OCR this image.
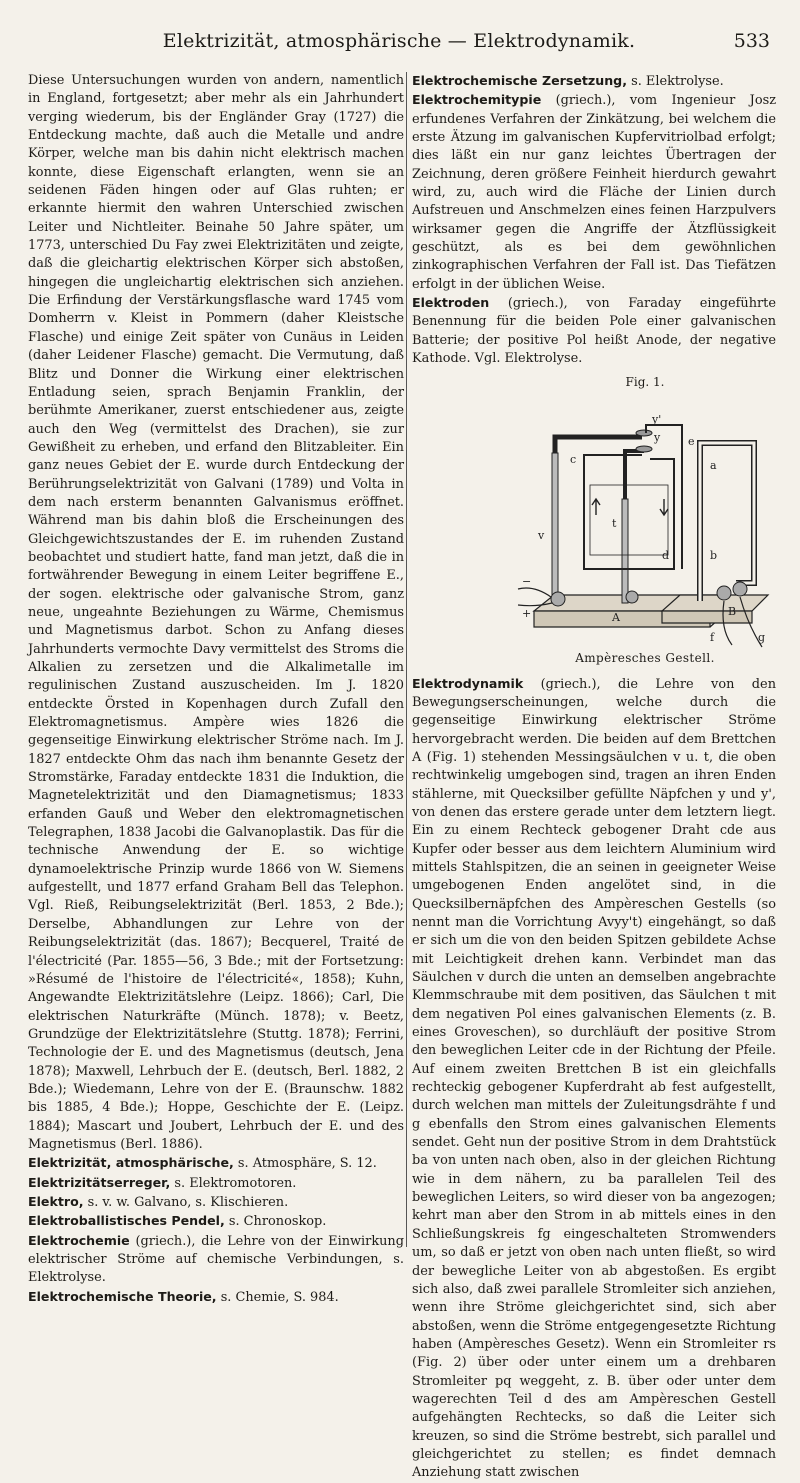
Elektrizität, atmosphärische — Elektrodynamik.	533

Diese Untersuchungen wurden von andern, namentlich in England, fortgesetzt; aber mehr als ein Jahrhundert verging wiederum, bis der Engländer Gray (1727) die Entdeckung machte, daß auch die Metalle und andre Körper, welche man bis dahin nicht elektrisch machen konnte, diese Eigenschaft erlangten, wenn sie an seidenen Fäden hingen oder auf Glas ruhten; er erkannte hiermit den wahren Unterschied zwischen Leiter und Nichtleiter. Beinahe 50 Jahre später, um 1773, unterschied Du Fay zwei Elektrizitäten und zeigte, daß die gleichartig elektrischen Körper sich abstoßen, hingegen die ungleichartig elektrischen sich anziehen. Die Erfindung der Verstärkungsflasche ward 1745 vom Domherrn v. Kleist in Pommern (daher Kleistsche Flasche) und einige Zeit später von Cunäus in Leiden (daher Leidener Flasche) gemacht. Die Vermutung, daß Blitz und Donner die Wirkung einer elektrischen Entladung seien, sprach Benjamin Franklin, der berühmte Amerikaner, zuerst entschiedener aus, zeigte auch den Weg (vermittelst des Drachen), sie zur Gewißheit zu erheben, und erfand den Blitzableiter. Ein ganz neues Gebiet der E. wurde durch Entdeckung der Berührungselektrizität von Galvani (1789) und Volta in dem nach ersterm benannten Galvanismus eröffnet. Während man bis dahin bloß die Erscheinungen des Gleichgewichtszustandes der E. im ruhenden Zustand beobachtet und studiert hatte, fand man jetzt, daß die in fortwährender Bewegung in einem Leiter begriffene E., der sogen. elektrische oder galvanische Strom, ganz neue, ungeahnte Beziehungen zu Wärme, Chemismus und Magnetismus darbot. Schon zu Anfang dieses Jahrhunderts vermochte Davy vermittelst des Stroms die Alkalien zu zersetzen und die Alkalimetalle im regulinischen Zustand auszuscheiden. Im J. 1820 entdeckte Örsted in Kopenhagen durch Zufall den Elektromagnetismus. Ampère wies 1826 die gegenseitige Einwirkung elektrischer Ströme nach. Im J. 1827 entdeckte Ohm das nach ihm benannte Gesetz der Stromstärke, Faraday entdeckte 1831 die Induktion, die Magnetelektrizität und den Diamagnetismus; 1833 erfanden Gauß und Weber den elektromagnetischen Telegraphen, 1838 Jacobi die Galvanoplastik. Das für die technische Anwendung der E. so wichtige dynamoelektrische Prinzip wurde 1866 von W. Siemens aufgestellt, und 1877 erfand Graham Bell das Telephon. Vgl. Rieß, Reibungselektrizität (Berl. 1853, 2 Bde.); Derselbe, Abhandlungen zur Lehre von der Reibungselektrizität (das. 1867); Becquerel, Traité de l'électricité (Par. 1855—56, 3 Bde.; mit der Fortsetzung: »Résumé de l'histoire de l'électricité«, 1858); Kuhn, Angewandte Elektrizitätslehre (Leipz. 1866); Carl, Die elektrischen Naturkräfte (Münch. 1878); v. Beetz, Grundzüge der Elektrizitätslehre (Stuttg. 1878); Ferrini, Technologie der E. und des Magnetismus (deutsch, Jena 1878); Maxwell, Lehrbuch der E. (deutsch, Berl. 1882, 2 Bde.); Wiedemann, Lehre von der E. (Braunschw. 1882 bis 1885, 4 Bde.); Hoppe, Geschichte der E. (Leipz. 1884); Mascart und Joubert, Lehrbuch der E. und des Magnetismus (Berl. 1886).

Elektrizität, atmosphärische, s. Atmosphäre, S. 12.

Elektrizitätserreger, s. Elektromotoren.

Elektro, s. v. w. Galvano, s. Klischieren.

Elektroballistisches Pendel, s. Chronoskop.

Elektrochemie (griech.), die Lehre von der Einwirkung elektrischer Ströme auf chemische Verbindungen, s. Elektrolyse.

Elektrochemische Theorie, s. Chemie, S. 984.

Elektrochemische Zersetzung, s. Elektrolyse.

Elektrochemitypie (griech.), vom Ingenieur Josz erfundenes Verfahren der Zinkätzung, bei welchem die erste Ätzung im galvanischen Kupfervitriolbad erfolgt; dies läßt ein nur ganz leichtes Übertragen der Zeichnung, deren größere Feinheit hierdurch gewahrt wird, zu, auch wird die Fläche der Linien durch Aufstreuen und Anschmelzen eines feinen Harzpulvers wirksamer gegen die Angriffe der Ätzflüssigkeit geschützt, als es bei dem gewöhnlichen zinkographischen Verfahren der Fall ist. Das Tiefätzen erfolgt in der üblichen Weise.

Elektroden (griech.), von Faraday eingeführte Benennung für die beiden Pole einer galvanischen Batterie; der positive Pol heißt Anode, der negative Kathode. Vgl. Elektrolyse.

Fig. 1.
y'
y
c
e
a
v
t
d	b
A	B
f	g
+
−
Ampèresches Gestell.

Elektrodynamik (griech.), die Lehre von den Bewegungserscheinungen, welche durch die gegenseitige Einwirkung elektrischer Ströme hervorgebracht werden. Die beiden auf dem Brettchen A (Fig. 1) stehenden Messingsäulchen v u. t, die oben rechtwinkelig umgebogen sind, tragen an ihren Enden stählerne, mit Quecksilber gefüllte Näpfchen y und y', von denen das erstere gerade unter dem letztern liegt. Ein zu einem Rechteck gebogener Draht cde aus Kupfer oder besser aus dem leichtern Aluminium wird mittels Stahlspitzen, die an seinen in geeigneter Weise umgebogenen Enden angelötet sind, in die Quecksilbernäpfchen des Ampèreschen Gestells (so nennt man die Vorrichtung Avyy't) eingehängt, so daß er sich um die von den beiden Spitzen gebildete Achse mit Leichtigkeit drehen kann. Verbindet man das Säulchen v durch die unten an demselben angebrachte Klemmschraube mit dem positiven, das Säulchen t mit dem negativen Pol eines galvanischen Elements (z. B. eines Groveschen), so durchläuft der positive Strom den beweglichen Leiter cde in der Richtung der Pfeile. Auf einem zweiten Brettchen B ist ein gleichfalls rechteckig gebogener Kupferdraht ab fest aufgestellt, durch welchen man mittels der Zuleitungsdrähte f und g ebenfalls den Strom eines galvanischen Elements sendet. Geht nun der positive Strom in dem Drahtstück ba von unten nach oben, also in der gleichen Richtung wie in dem nähern, zu ba parallelen Teil des beweglichen Leiters, so wird dieser von ba angezogen; kehrt man aber den Strom in ab mittels eines in den Schließungskreis fg eingeschalteten Stromwenders um, so daß er jetzt von oben nach unten fließt, so wird der bewegliche Leiter von ab abgestoßen. Es ergibt sich also, daß zwei parallele Stromleiter sich anziehen, wenn ihre Ströme gleichgerichtet sind, sich aber abstoßen, wenn die Ströme entgegengesetzte Richtung haben (Ampèresches Gesetz). Wenn ein Stromleiter rs (Fig. 2) über oder unter einem um a drehbaren Stromleiter pq weggeht, z. B. über oder unter dem wagerechten Teil d des am Ampèreschen Gestell aufgehängten Rechtecks, so daß die Leiter sich kreuzen, so sind die Ströme bestrebt, sich parallel und gleichgerichtet zu stellen; es findet demnach Anziehung statt zwischen
